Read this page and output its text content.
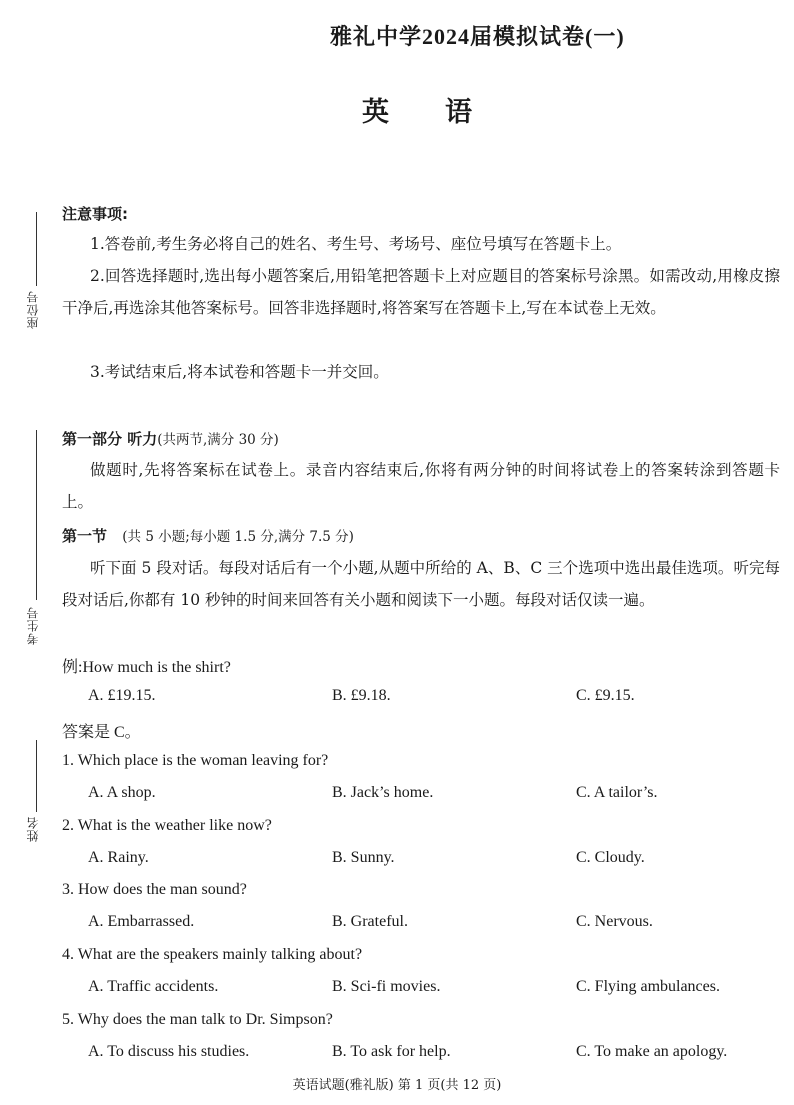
雅礼中学2024届模拟试卷(一)
英语
座位号
考生号
姓名
注意事项:
1.答卷前,考生务必将自己的姓名、考生号、考场号、座位号填写在答题卡上。
2.回答选择题时,选出每小题答案后,用铅笔把答题卡上对应题目的答案标号涂黑。如需改动,用橡皮擦干净后,再选涂其他答案标号。回答非选择题时,将答案写在答题卡上,写在本试卷上无效。
3.考试结束后,将本试卷和答题卡一并交回。
第一部分 听力(共两节,满分 30 分)
做题时,先将答案标在试卷上。录音内容结束后,你将有两分钟的时间将试卷上的答案转涂到答题卡上。
第一节 (共 5 小题;每小题 1.5 分,满分 7.5 分)
听下面 5 段对话。每段对话后有一个小题,从题中所给的 A、B、C 三个选项中选出最佳选项。听完每段对话后,你都有 10 秒钟的时间来回答有关小题和阅读下一小题。每段对话仅读一遍。
例:How much is the shirt?
A. £19.15.	B. £9.18.	C. £9.15.
答案是 C。
1. Which place is the woman leaving for?
A. A shop.	B. Jack’s home.	C. A tailor’s.
2. What is the weather like now?
A. Rainy.	B. Sunny.	C. Cloudy.
3. How does the man sound?
A. Embarrassed.	B. Grateful.	C. Nervous.
4. What are the speakers mainly talking about?
A. Traffic accidents.	B. Sci-fi movies.	C. Flying ambulances.
5. Why does the man talk to Dr. Simpson?
A. To discuss his studies.	B. To ask for help.	C. To make an apology.
英语试题(雅礼版) 第 1 页(共 12 页)
